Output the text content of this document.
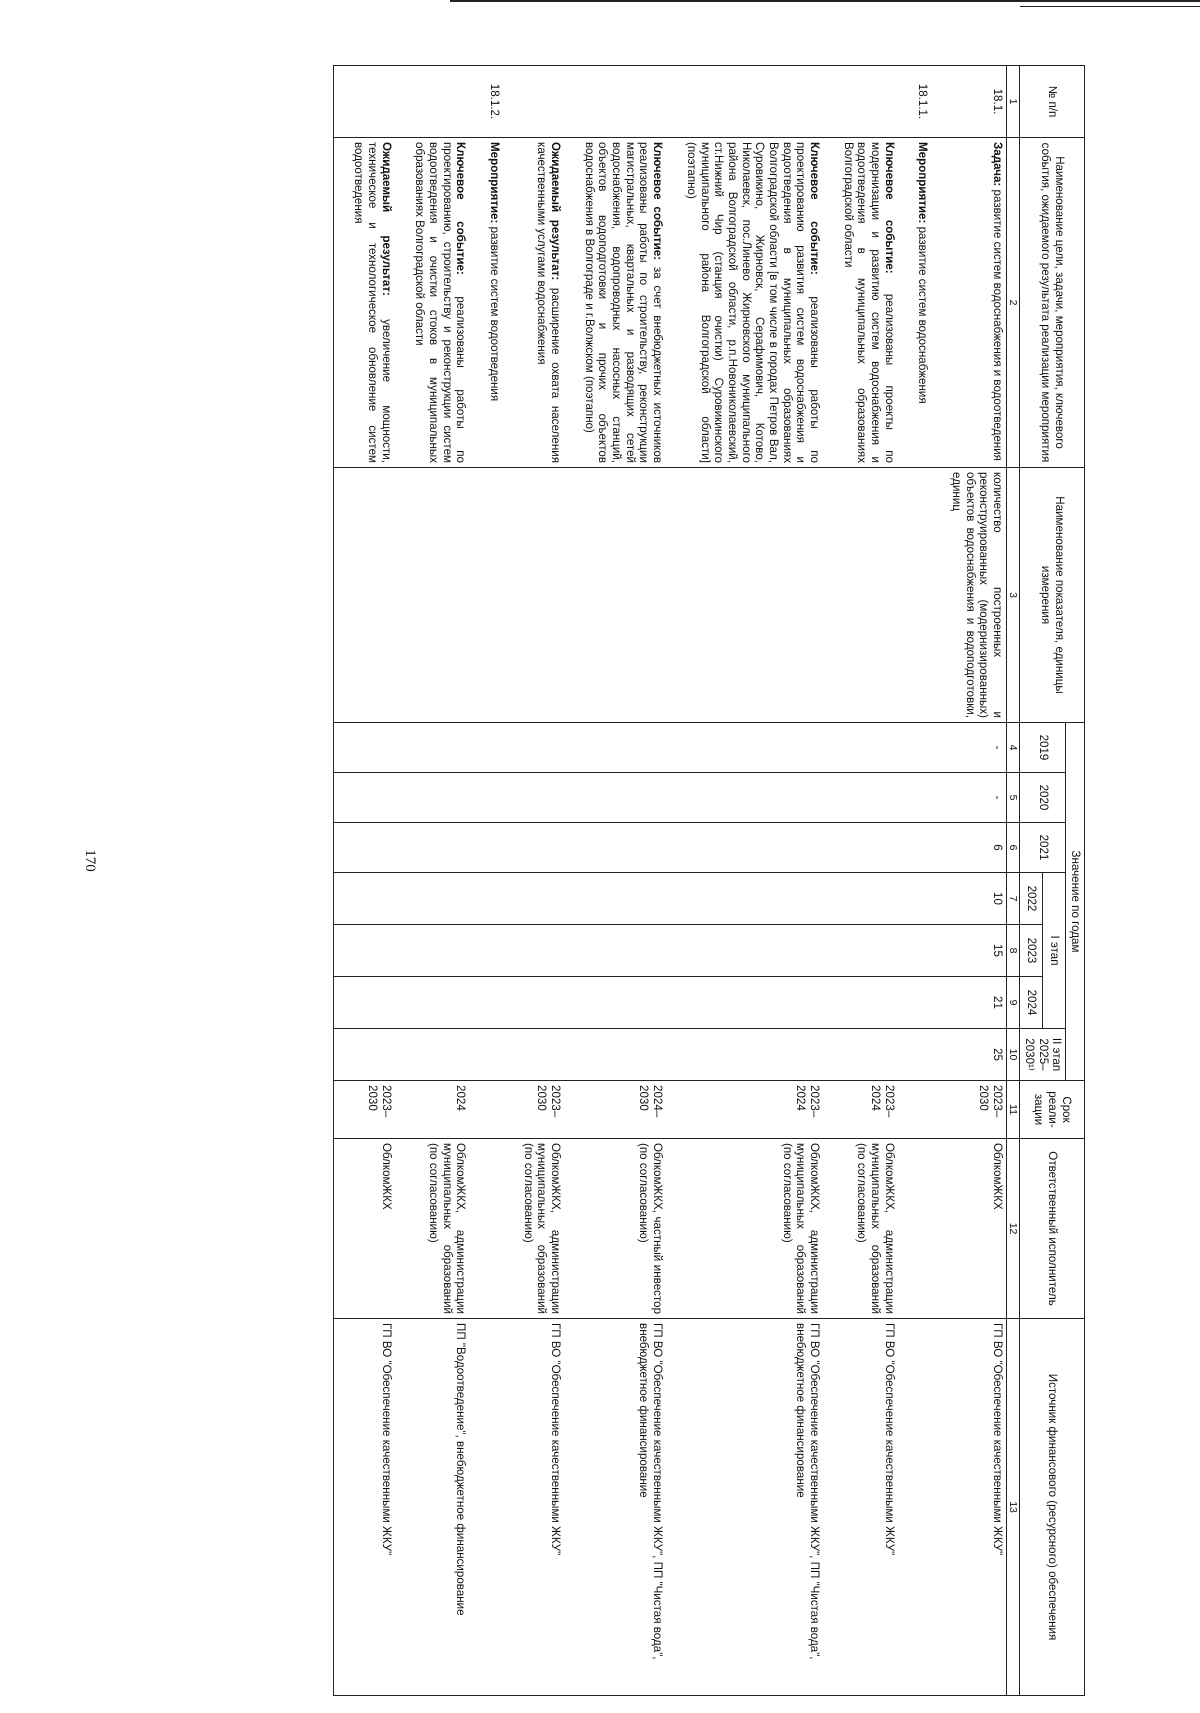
170
№ п/п	Наименование цели, задачи, мероприятия, ключевого события, ожидаемого результата реализации мероприятия	Наименование показателя, единицы измерения	Значение по годам							Срок реали-зации	Ответственный исполнитель	Источник финансового (ресурсного) обеспечения
			2019	2020	2021	I этап			II этап 2025–2030¹⁾			
						2022	2023	2024				
1	2	3	4	5	6	7	8	9	10	11	12	13
18.1.	Задача: развитие систем водоснабжения и водоотведения	количество построенных и реконструированных (модернизированных) объектов водоснабжения и водоподготовки, единиц	-	-	6	10	15	21	25	2023–2030	ОблкомЖКХ	ГП ВО "Обеспечение качественными ЖКУ"
18.1.1.	Мероприятие: развитие систем водоснабжения											
	Ключевое событие: реализованы проекты по модернизации и развитию систем водоснабжения и водоотведения в муниципальных образованиях Волгоградской области									2023–2024	ОблкомЖКХ, администрации муниципальных образований (по согласованию)	ГП ВО "Обеспечение качественными ЖКУ"
	Ключевое событие: реализованы работы по проектированию развития систем водоснабжения и водоотведения в муниципальных образованиях Волгоградской области [в том числе в городах Петров Вал, Суровикино, Жирновск, Серафимович, Котово, Николаевск, пос.Линево Жирновского муниципального района Волгоградской области, р.п.Новониколаевский, ст.Нижний Чир (станция очистки) Суровикинского муниципального района Волгоградской области] (поэтапно)									2023–2024	ОблкомЖКХ, администрации муниципальных образований (по согласованию)	ГП ВО "Обеспечение качественными ЖКУ", ПП "Чистая вода", внебюджетное финансирование
	Ключевое событие: за счет внебюджетных источников реализованы работы по строительству, реконструкции магистральных, квартальных и разводящих сетей водоснабжения, водопроводных насосных станций, объектов водоподготовки и прочих объектов водоснабжения в Волгограде и г.Волжском (поэтапно)									2024–2030	ОблкомЖКХ, частный инвестор (по согласованию)	ГП ВО "Обеспечение качественными ЖКУ", ПП "Чистая вода", внебюджетное финансирование
	Ожидаемый результат: расширение охвата населения качественными услугами водоснабжения									2023–2030	ОблкомЖКХ, администрации муниципальных образований (по согласованию)	ГП ВО "Обеспечение качественными ЖКУ"
18.1.2.	Мероприятие: развитие систем водоотведения											
	Ключевое событие: реализованы работы по проектированию, строительству и реконструкции систем водоотведения и очистки стоков в муниципальных образованиях Волгоградской области									2024	ОблкомЖКХ, администрации муниципальных образований (по согласованию)	ПП "Водоотведение", внебюджетное финансирование
	Ожидаемый результат: увеличение мощности, техническое и технологическое обновление систем водоотведения									2023–2030	ОблкомЖКХ	ГП ВО "Обеспечение качественными ЖКУ"
